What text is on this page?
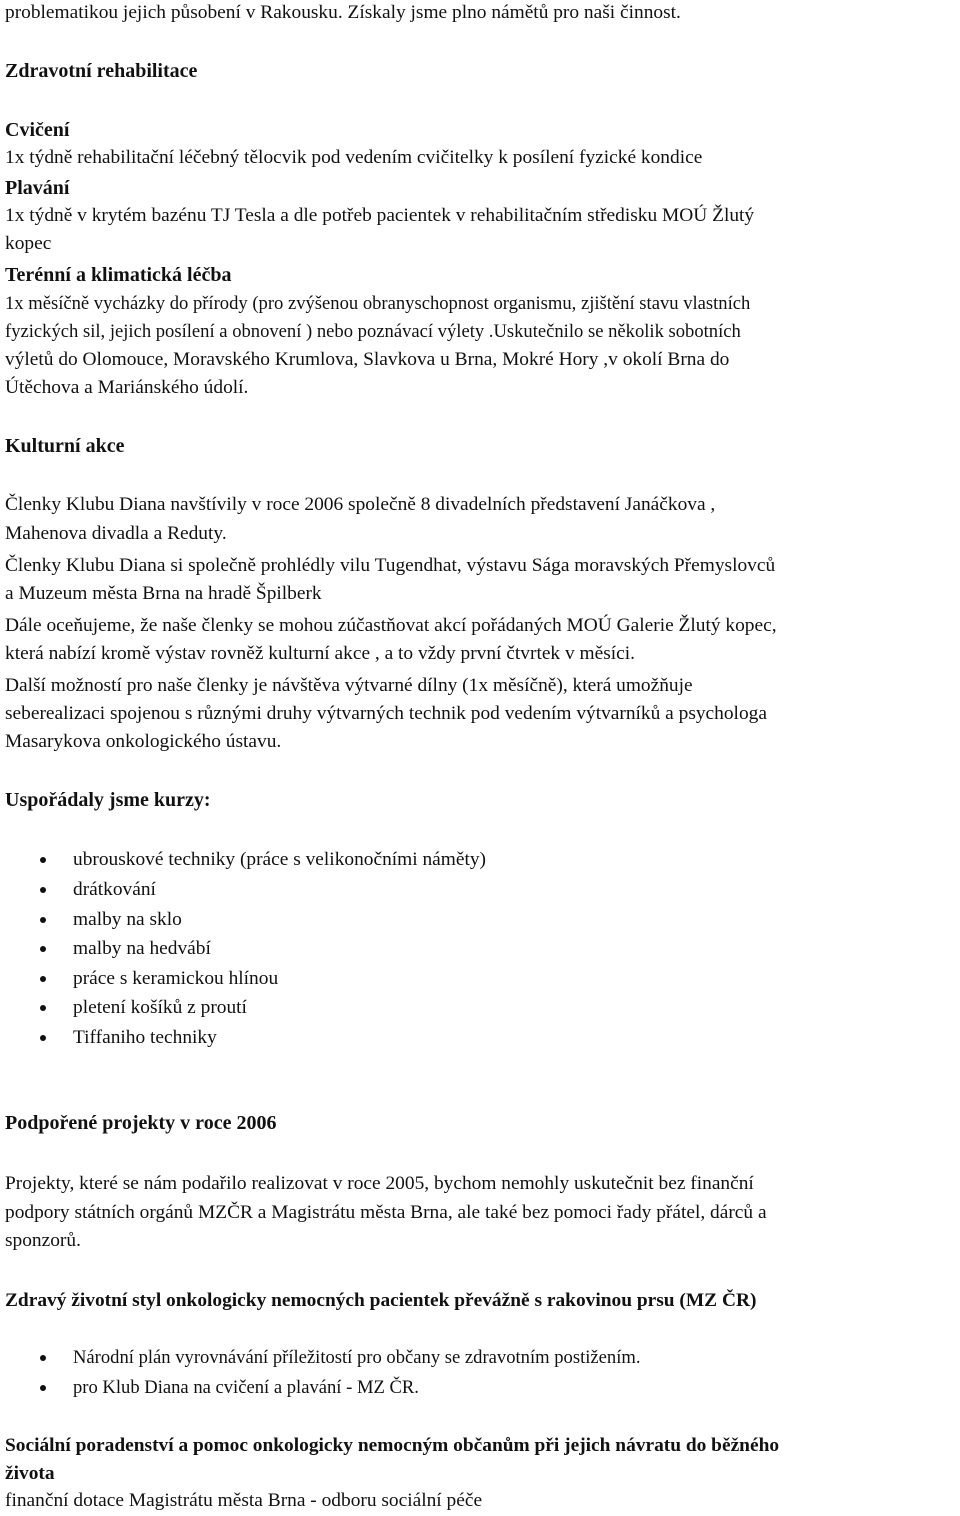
problematikou jejich působení v Rakousku. Získaly jsme plno námětů pro naši činnost.
Zdravotní rehabilitace
Cvičení
1x týdně rehabilitační léčebný tělocvik pod vedením cvičitelky k posílení fyzické kondice
Plavání
1x týdně v krytém bazénu TJ Tesla a dle potřeb pacientek v rehabilitačním středisku MOÚ Žlutý
kopec
Terénní a klimatická léčba
1x měsíčně vycházky do přírody (pro zvýšenou obranyschopnost organismu, zjištění stavu vlastních
fyzických sil, jejich posílení a obnovení ) nebo poznávací výlety .Uskutečnilo se několik sobotních
výletů do Olomouce, Moravského Krumlova, Slavkova u Brna, Mokré Hory ,v okolí Brna do
Útěchova a Mariánského údolí.
Kulturní akce
Členky Klubu Diana navštívily v roce 2006 společně 8 divadelních představení Janáčkova ,
Mahenova divadla a Reduty.
Členky Klubu Diana si společně prohlédly vilu Tugendhat, výstavu Sága moravských Přemyslovců
a Muzeum města Brna na hradě Špilberk
Dále oceňujeme, že naše členky se mohou zúčastňovat akcí pořádaných MOÚ Galerie Žlutý kopec,
která nabízí kromě výstav rovněž kulturní akce , a to vždy první čtvrtek v měsíci.
Další možností pro naše členky je návštěva výtvarné dílny (1x měsíčně), která umožňuje
seberealizaci spojenou s různými druhy výtvarných technik pod vedením výtvarníků a psychologa
Masarykova onkologického ústavu.
Uspořádaly jsme kurzy:
ubrouskové techniky (práce s velikonočními náměty)
drátkování
malby na sklo
malby na hedvábí
práce s keramickou hlínou
pletení košíků z proutí
Tiffaniho techniky
Podpořené projekty v roce 2006
Projekty, které se nám podařilo realizovat v roce 2005, bychom nemohly uskutečnit bez finanční
podpory státních orgánů MZČR a Magistrátu města Brna, ale také bez pomoci řady přátel, dárců a
sponzorů.
Zdravý životní styl onkologicky nemocných pacientek převážně s rakovinou prsu (MZ ČR)
Národní plán vyrovnávání příležitostí pro občany se zdravotním postižením.
pro Klub Diana na cvičení a plavání - MZ ČR.
Sociální poradenství a pomoc onkologicky nemocným občanům při jejich návratu do běžného
života
finanční dotace Magistrátu města Brna - odboru sociální péče
